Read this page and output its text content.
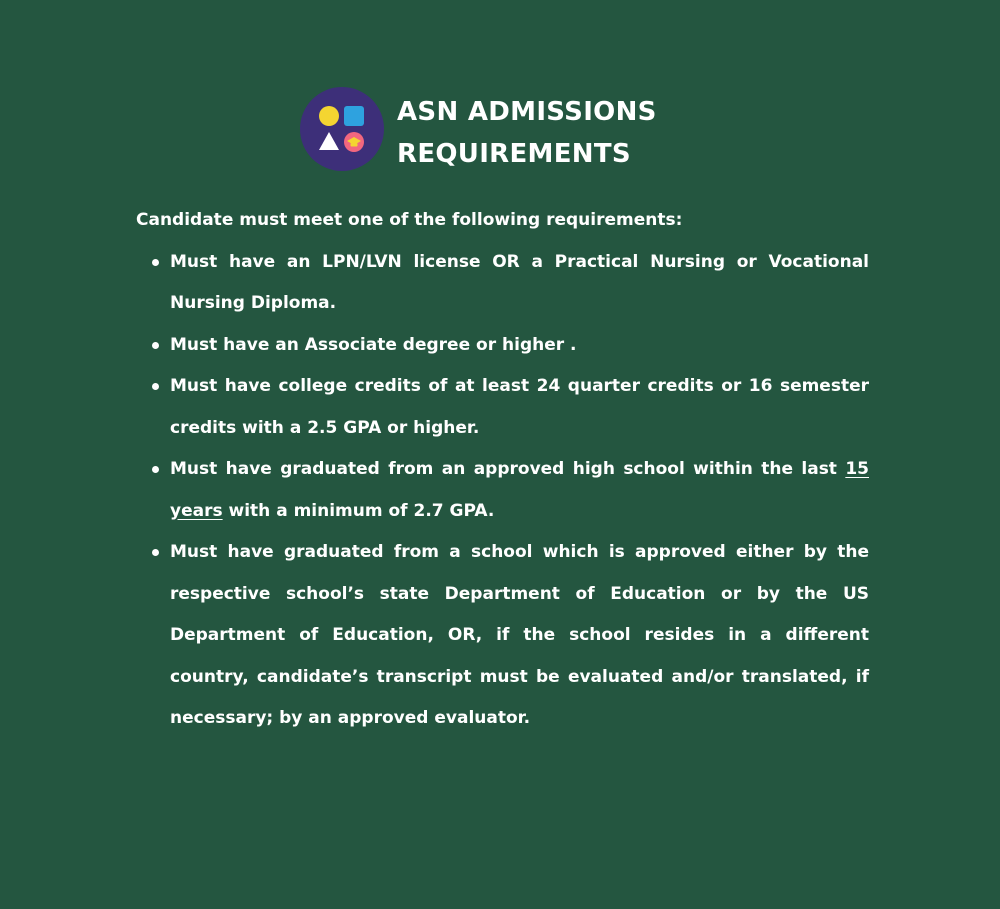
ASN ADMISSIONS
REQUIREMENTS

Candidate must meet one of the following requirements:

Must have an LPN/LVN license OR a Practical Nursing or Vocational Nursing Diploma.
Must have an Associate degree or higher .
Must have college credits of at least 24 quarter credits or 16 semester credits with a 2.5 GPA or higher.
Must have graduated from an approved high school within the last 15 years with a minimum of 2.7 GPA.
Must have graduated from a school which is approved either by the respective school’s state Department of Education or by the US Department of Education, OR, if the school resides in a different country, candidate’s transcript must be evaluated and/or translated, if necessary; by an approved evaluator.
